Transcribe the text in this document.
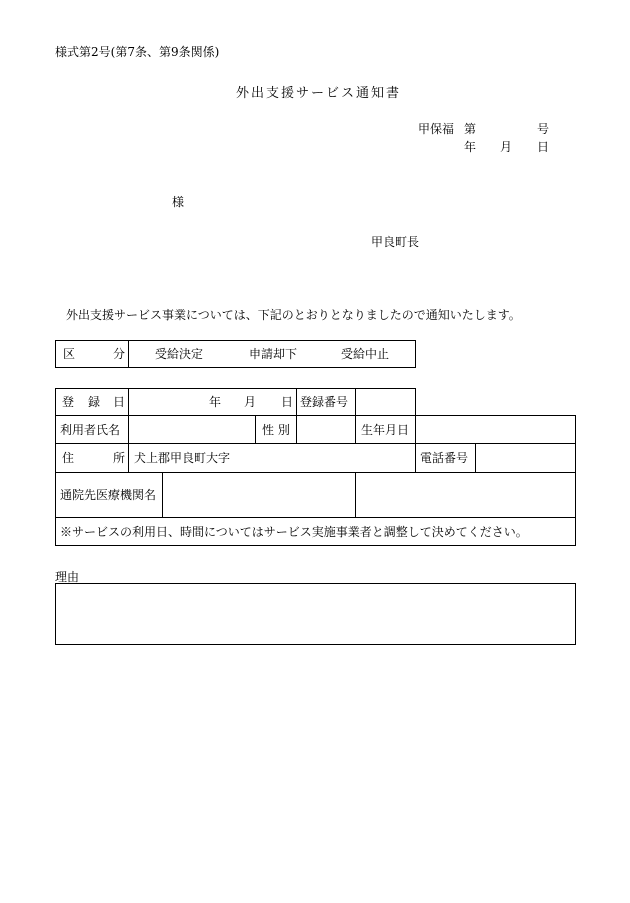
様式第2号(第7条、第9条関係)
外出支援サービス通知書
甲保福 第	号
年 月 日
様
甲良町長
外出支援サービス事業については、下記のとおりとなりましたので通知いたします。
区	分 受給決定	申請却下	受給中止
登 録 日	年 月 日 登録番号
利用者氏名	性 別	生年月日
住	所 犬上郡甲良町大字	電話番号
通院先医療機関名
※サービスの利用日、時間についてはサービス実施事業者と調整して決めてください。
理由
